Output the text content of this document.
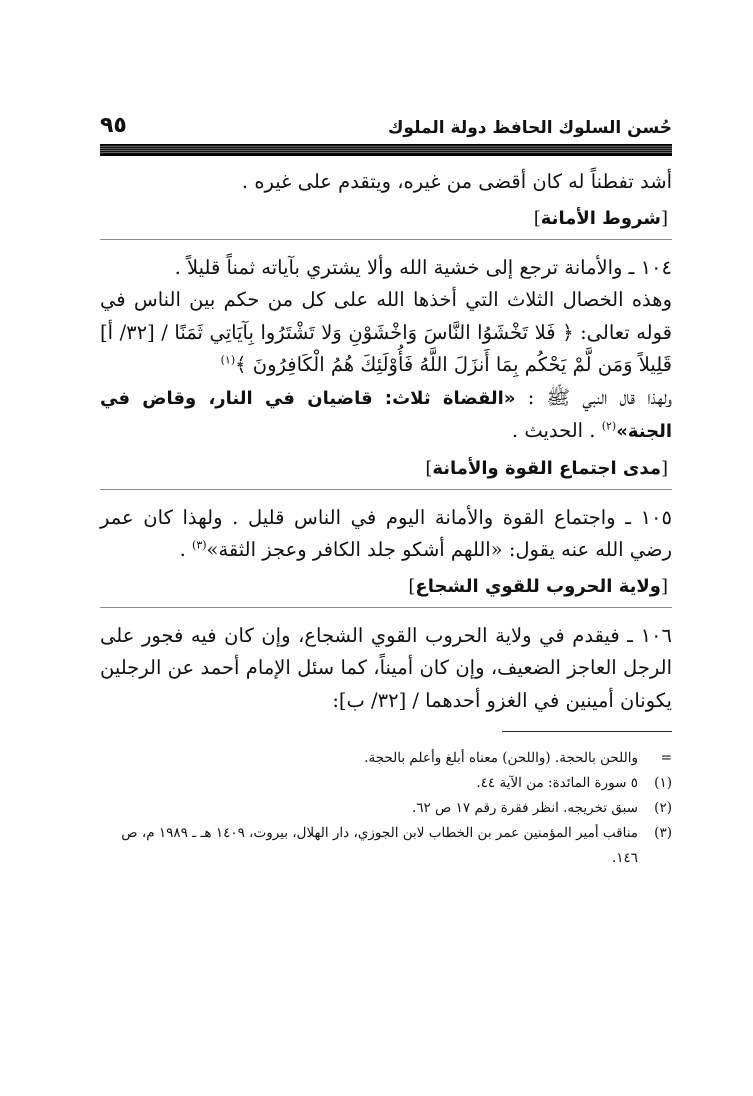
حُسن السلوك الحافظ دولة الملوك
٩٥

أشد تفطناً له كان أقضى من غيره، ويتقدم على غيره .

[شروط الأمانة]

١٠٤ ـ والأمانة ترجع إلى خشية الله وألا يشتري بآياته ثمناً قليلاً .

وهذه الخصال الثلاث التي أخذها الله على كل من حكم بين الناس في قوله تعالى: ﴿ فَلا تَخْشَوُا النَّاسَ وَاخْشَوْنِ وَلا تَشْتَرُوا بِآيَاتِي ثَمَنًا / [٣٢/ أ] قَلِيلاً وَمَن لَّمْ يَحْكُم بِمَا أَنزَلَ اللَّهُ فَأُوْلَئِكَ هُمُ الْكَافِرُونَ ﴾$^{(١)}$

ولهذا قال النبي ﷺ : «القضاة ثلاث: قاضيان في النار، وقاض في الجنة»$^{(٢)}$ . الحديث .

[مدى اجتماع القوة والأمانة]

١٠٥ ـ واجتماع القوة والأمانة اليوم في الناس قليل . ولهذا كان عمر رضي الله عنه يقول: «اللهم أشكو جلد الكافر وعجز الثقة»$^{(٣)}$ .

[ولاية الحروب للقوي الشجاع]

١٠٦ ـ فيقدم في ولاية الحروب القوي الشجاع، وإن كان فيه فجور على الرجل العاجز الضعيف، وإن كان أميناً، كما سئل الإمام أحمد عن الرجلين يكونان أمينين في الغزو أحدهما / [٣٢/ ب]:

=
واللحن بالحجة. (واللحن) معناه أبلغ وأعلم بالحجة.
(١)
٥ سورة المائدة: من الآية ٤٤.
(٢)
سبق تخريجه. انظر فقرة رقم ١٧ ص ٦٢.
(٣)
مناقب أمير المؤمنين عمر بن الخطاب لابن الجوزي، دار الهلال، بيروت، ١٤٠٩ هـ ـ ١٩٨٩ م، ص ١٤٦.
